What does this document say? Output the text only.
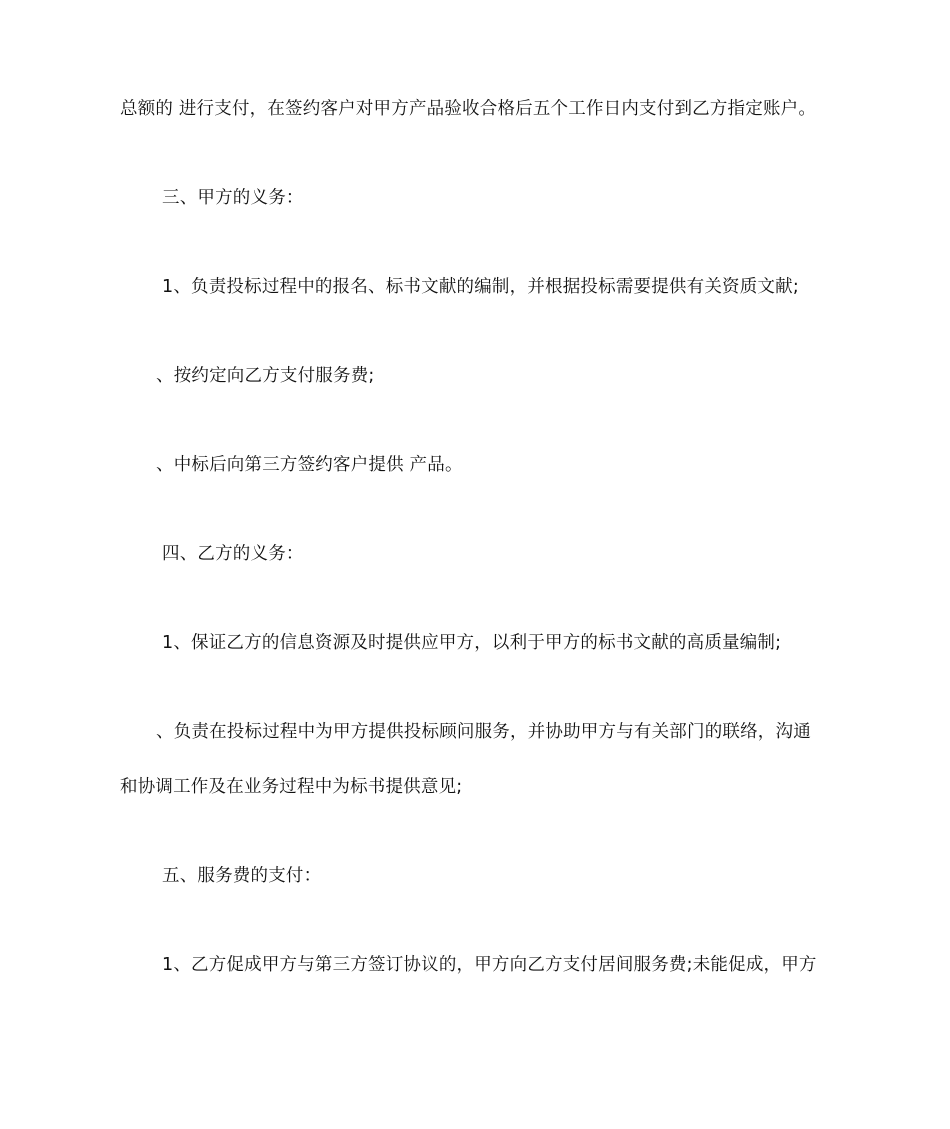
总额的 进行支付，在签约客户对甲方产品验收合格后五个工作日内支付到乙方指定账户。

三、甲方的义务：

1、负责投标过程中的报名、标书文献的编制，并根据投标需要提供有关资质文献;

、按约定向乙方支付服务费;

、中标后向第三方签约客户提供 产品。

四、乙方的义务：

1、保证乙方的信息资源及时提供应甲方，以利于甲方的标书文献的高质量编制;

、负责在投标过程中为甲方提供投标顾问服务，并协助甲方与有关部门的联络，沟通

和协调工作及在业务过程中为标书提供意见;

五、服务费的支付：

1、乙方促成甲方与第三方签订协议的，甲方向乙方支付居间服务费;未能促成，甲方
